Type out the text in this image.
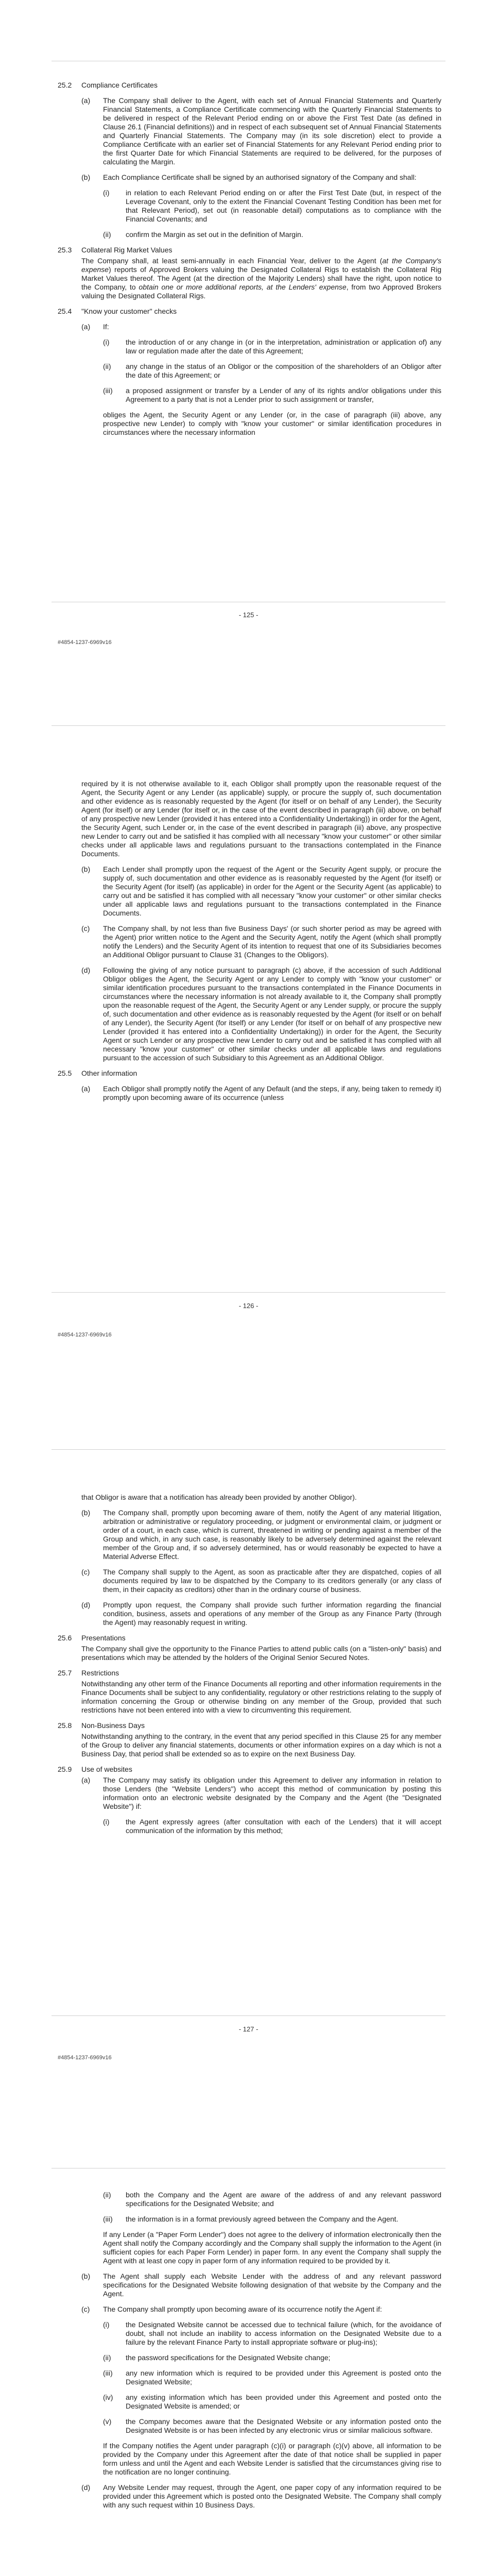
25.2	Compliance Certificates
(a)	The Company shall deliver to the Agent, with each set of Annual Financial Statements and Quarterly Financial Statements, a Compliance Certificate commencing with the Quarterly Financial Statements to be delivered in respect of the Relevant Period ending on or above the First Test Date (as defined in Clause 26.1 (Financial definitions)) and in respect of each subsequent set of Annual Financial Statements and Quarterly Financial Statements. The Company may (in its sole discretion) elect to provide a Compliance Certificate with an earlier set of Financial Statements for any Relevant Period ending prior to the first Quarter Date for which Financial Statements are required to be delivered, for the purposes of calculating the Margin.
(b)	Each Compliance Certificate shall be signed by an authorised signatory of the Company and shall:
(i)	in relation to each Relevant Period ending on or after the First Test Date (but, in respect of the Leverage Covenant, only to the extent the Financial Covenant Testing Condition has been met for that Relevant Period), set out (in reasonable detail) computations as to compliance with the Financial Covenants; and
(ii)	confirm the Margin as set out in the definition of Margin.
25.3	Collateral Rig Market Values
The Company shall, at least semi-annually in each Financial Year, deliver to the Agent (at the Company's expense) reports of Approved Brokers valuing the Designated Collateral Rigs to establish the Collateral Rig Market Values thereof. The Agent (at the direction of the Majority Lenders) shall have the right, upon notice to the Company, to obtain one or more additional reports, at the Lenders' expense, from two Approved Brokers valuing the Designated Collateral Rigs.
25.4	"Know your customer" checks
(a)	If:
(i)	the introduction of or any change in (or in the interpretation, administration or application of) any law or regulation made after the date of this Agreement;
(ii)	any change in the status of an Obligor or the composition of the shareholders of an Obligor after the date of this Agreement; or
(iii)	a proposed assignment or transfer by a Lender of any of its rights and/or obligations under this Agreement to a party that is not a Lender prior to such assignment or transfer,
obliges the Agent, the Security Agent or any Lender (or, in the case of paragraph (iii) above, any prospective new Lender) to comply with "know your customer" or similar identification procedures in circumstances where the necessary information
- 125 -
#4854-1237-6969v16
required by it is not otherwise available to it, each Obligor shall promptly upon the reasonable request of the Agent, the Security Agent or any Lender (as applicable) supply, or procure the supply of, such documentation and other evidence as is reasonably requested by the Agent (for itself or on behalf of any Lender), the Security Agent (for itself) or any Lender (for itself or, in the case of the event described in paragraph (iii) above, on behalf of any prospective new Lender (provided it has entered into a Confidentiality Undertaking)) in order for the Agent, the Security Agent, such Lender or, in the case of the event described in paragraph (iii) above, any prospective new Lender to carry out and be satisfied it has complied with all necessary "know your customer" or other similar checks under all applicable laws and regulations pursuant to the transactions contemplated in the Finance Documents.
(b)	Each Lender shall promptly upon the request of the Agent or the Security Agent supply, or procure the supply of, such documentation and other evidence as is reasonably requested by the Agent (for itself) or the Security Agent (for itself) (as applicable) in order for the Agent or the Security Agent (as applicable) to carry out and be satisfied it has complied with all necessary "know your customer" or other similar checks under all applicable laws and regulations pursuant to the transactions contemplated in the Finance Documents.
(c)	The Company shall, by not less than five Business Days' (or such shorter period as may be agreed with the Agent) prior written notice to the Agent and the Security Agent, notify the Agent (which shall promptly notify the Lenders) and the Security Agent of its intention to request that one of its Subsidiaries becomes an Additional Obligor pursuant to Clause 31 (Changes to the Obligors).
(d)	Following the giving of any notice pursuant to paragraph (c) above, if the accession of such Additional Obligor obliges the Agent, the Security Agent or any Lender to comply with "know your customer" or similar identification procedures pursuant to the transactions contemplated in the Finance Documents in circumstances where the necessary information is not already available to it, the Company shall promptly upon the reasonable request of the Agent, the Security Agent or any Lender supply, or procure the supply of, such documentation and other evidence as is reasonably requested by the Agent (for itself or on behalf of any Lender), the Security Agent (for itself) or any Lender (for itself or on behalf of any prospective new Lender (provided it has entered into a Confidentiality Undertaking)) in order for the Agent, the Security Agent or such Lender or any prospective new Lender to carry out and be satisfied it has complied with all necessary "know your customer" or other similar checks under all applicable laws and regulations pursuant to the accession of such Subsidiary to this Agreement as an Additional Obligor.
25.5	Other information
(a)	Each Obligor shall promptly notify the Agent of any Default (and the steps, if any, being taken to remedy it) promptly upon becoming aware of its occurrence (unless
- 126 -
#4854-1237-6969v16
that Obligor is aware that a notification has already been provided by another Obligor).
(b)	The Company shall, promptly upon becoming aware of them, notify the Agent of any material litigation, arbitration or administrative or regulatory proceeding, or judgment or environmental claim, or judgment or order of a court, in each case, which is current, threatened in writing or pending against a member of the Group and which, in any such case, is reasonably likely to be adversely determined against the relevant member of the Group and, if so adversely determined, has or would reasonably be expected to have a Material Adverse Effect.
(c)	The Company shall supply to the Agent, as soon as practicable after they are dispatched, copies of all documents required by law to be dispatched by the Company to its creditors generally (or any class of them, in their capacity as creditors) other than in the ordinary course of business.
(d)	Promptly upon request, the Company shall provide such further information regarding the financial condition, business, assets and operations of any member of the Group as any Finance Party (through the Agent) may reasonably request in writing.
25.6	Presentations
The Company shall give the opportunity to the Finance Parties to attend public calls (on a "listen-only" basis) and presentations which may be attended by the holders of the Original Senior Secured Notes.
25.7	Restrictions
Notwithstanding any other term of the Finance Documents all reporting and other information requirements in the Finance Documents shall be subject to any confidentiality, regulatory or other restrictions relating to the supply of information concerning the Group or otherwise binding on any member of the Group, provided that such restrictions have not been entered into with a view to circumventing this requirement.
25.8	Non-Business Days
Notwithstanding anything to the contrary, in the event that any period specified in this Clause 25 for any member of the Group to deliver any financial statements, documents or other information expires on a day which is not a Business Day, that period shall be extended so as to expire on the next Business Day.
25.9	Use of websites
(a)	The Company may satisfy its obligation under this Agreement to deliver any information in relation to those Lenders (the "Website Lenders") who accept this method of communication by posting this information onto an electronic website designated by the Company and the Agent (the "Designated Website") if:
(i)	the Agent expressly agrees (after consultation with each of the Lenders) that it will accept communication of the information by this method;
- 127 -
#4854-1237-6969v16
(ii)	both the Company and the Agent are aware of the address of and any relevant password specifications for the Designated Website; and
(iii)	the information is in a format previously agreed between the Company and the Agent.
If any Lender (a "Paper Form Lender") does not agree to the delivery of information electronically then the Agent shall notify the Company accordingly and the Company shall supply the information to the Agent (in sufficient copies for each Paper Form Lender) in paper form. In any event the Company shall supply the Agent with at least one copy in paper form of any information required to be provided by it.
(b)	The Agent shall supply each Website Lender with the address of and any relevant password specifications for the Designated Website following designation of that website by the Company and the Agent.
(c)	The Company shall promptly upon becoming aware of its occurrence notify the Agent if:
(i)	the Designated Website cannot be accessed due to technical failure (which, for the avoidance of doubt, shall not include an inability to access information on the Designated Website due to a failure by the relevant Finance Party to install appropriate software or plug-ins);
(ii)	the password specifications for the Designated Website change;
(iii)	any new information which is required to be provided under this Agreement is posted onto the Designated Website;
(iv)	any existing information which has been provided under this Agreement and posted onto the Designated Website is amended; or
(v)	the Company becomes aware that the Designated Website or any information posted onto the Designated Website is or has been infected by any electronic virus or similar malicious software.
If the Company notifies the Agent under paragraph (c)(i) or paragraph (c)(v) above, all information to be provided by the Company under this Agreement after the date of that notice shall be supplied in paper form unless and until the Agent and each Website Lender is satisfied that the circumstances giving rise to the notification are no longer continuing.
(d)	Any Website Lender may request, through the Agent, one paper copy of any information required to be provided under this Agreement which is posted onto the Designated Website. The Company shall comply with any such request within 10 Business Days.
